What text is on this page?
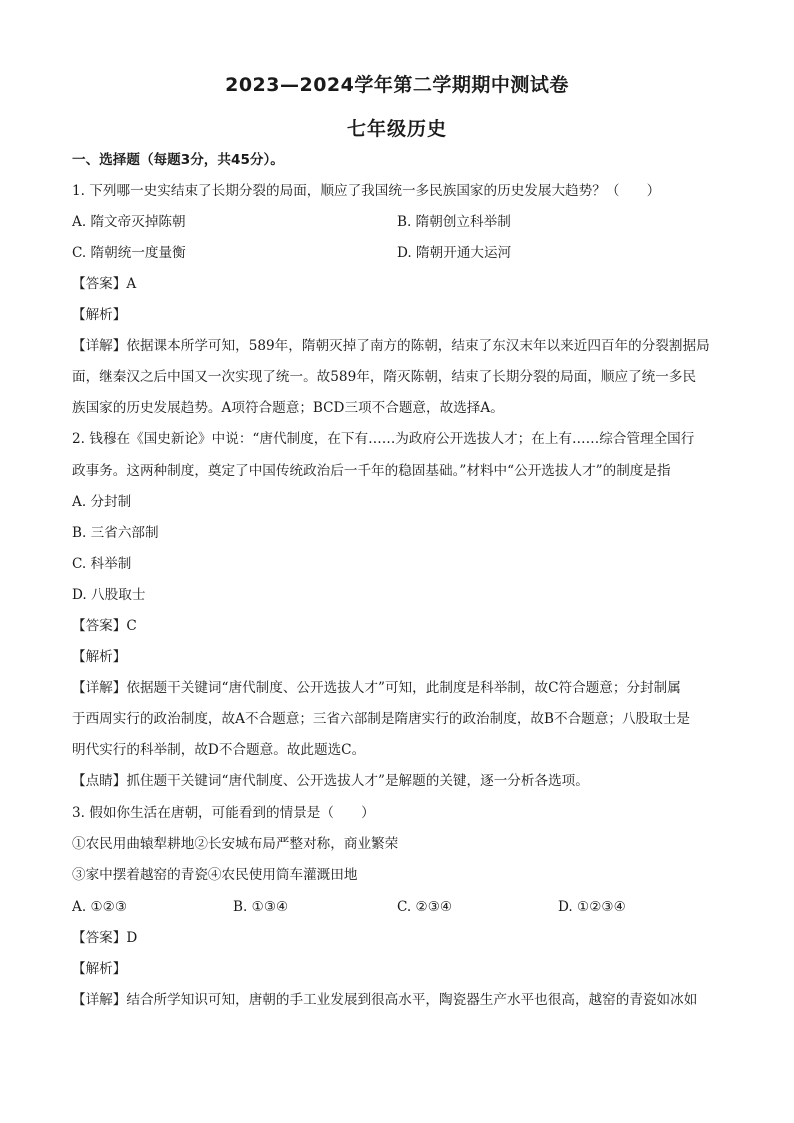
2023—2024学年第二学期期中测试卷
七年级历史
一、选择题（每题3分，共45分）。
1. 下列哪一史实结束了长期分裂的局面，顺应了我国统一多民族国家的历史发展大趋势？（　　）
A. 隋文帝灭掉陈朝	B. 隋朝创立科举制
C. 隋朝统一度量衡	D. 隋朝开通大运河
【答案】A
【解析】
【详解】依据课本所学可知，589年，隋朝灭掉了南方的陈朝，结束了东汉末年以来近四百年的分裂割据局
面，继秦汉之后中国又一次实现了统一。故589年，隋灭陈朝，结束了长期分裂的局面，顺应了统一多民
族国家的历史发展趋势。A项符合题意；BCD三项不合题意，故选择A。
2. 钱穆在《国史新论》中说：“唐代制度，在下有……为政府公开选拔人才；在上有……综合管理全国行
政事务。这两种制度，奠定了中国传统政治后一千年的稳固基础。”材料中“公开选拔人才”的制度是指
A. 分封制
B. 三省六部制
C. 科举制
D. 八股取士
【答案】C
【解析】
【详解】依据题干关键词“唐代制度、公开选拔人才”可知，此制度是科举制，故C符合题意；分封制属
于西周实行的政治制度，故A不合题意；三省六部制是隋唐实行的政治制度，故B不合题意；八股取士是
明代实行的科举制，故D不合题意。故此题选C。
【点睛】抓住题干关键词“唐代制度、公开选拔人才”是解题的关键，逐一分析各选项。
3. 假如你生活在唐朝，可能看到的情景是（　　）
①农民用曲辕犁耕地②长安城布局严整对称，商业繁荣
③家中摆着越窑的青瓷④农民使用筒车灌溉田地
A. ①②③	B. ①③④	C. ②③④	D. ①②③④
【答案】D
【解析】
【详解】结合所学知识可知，唐朝的手工业发展到很高水平，陶瓷器生产水平也很高，越窑的青瓷如冰如
